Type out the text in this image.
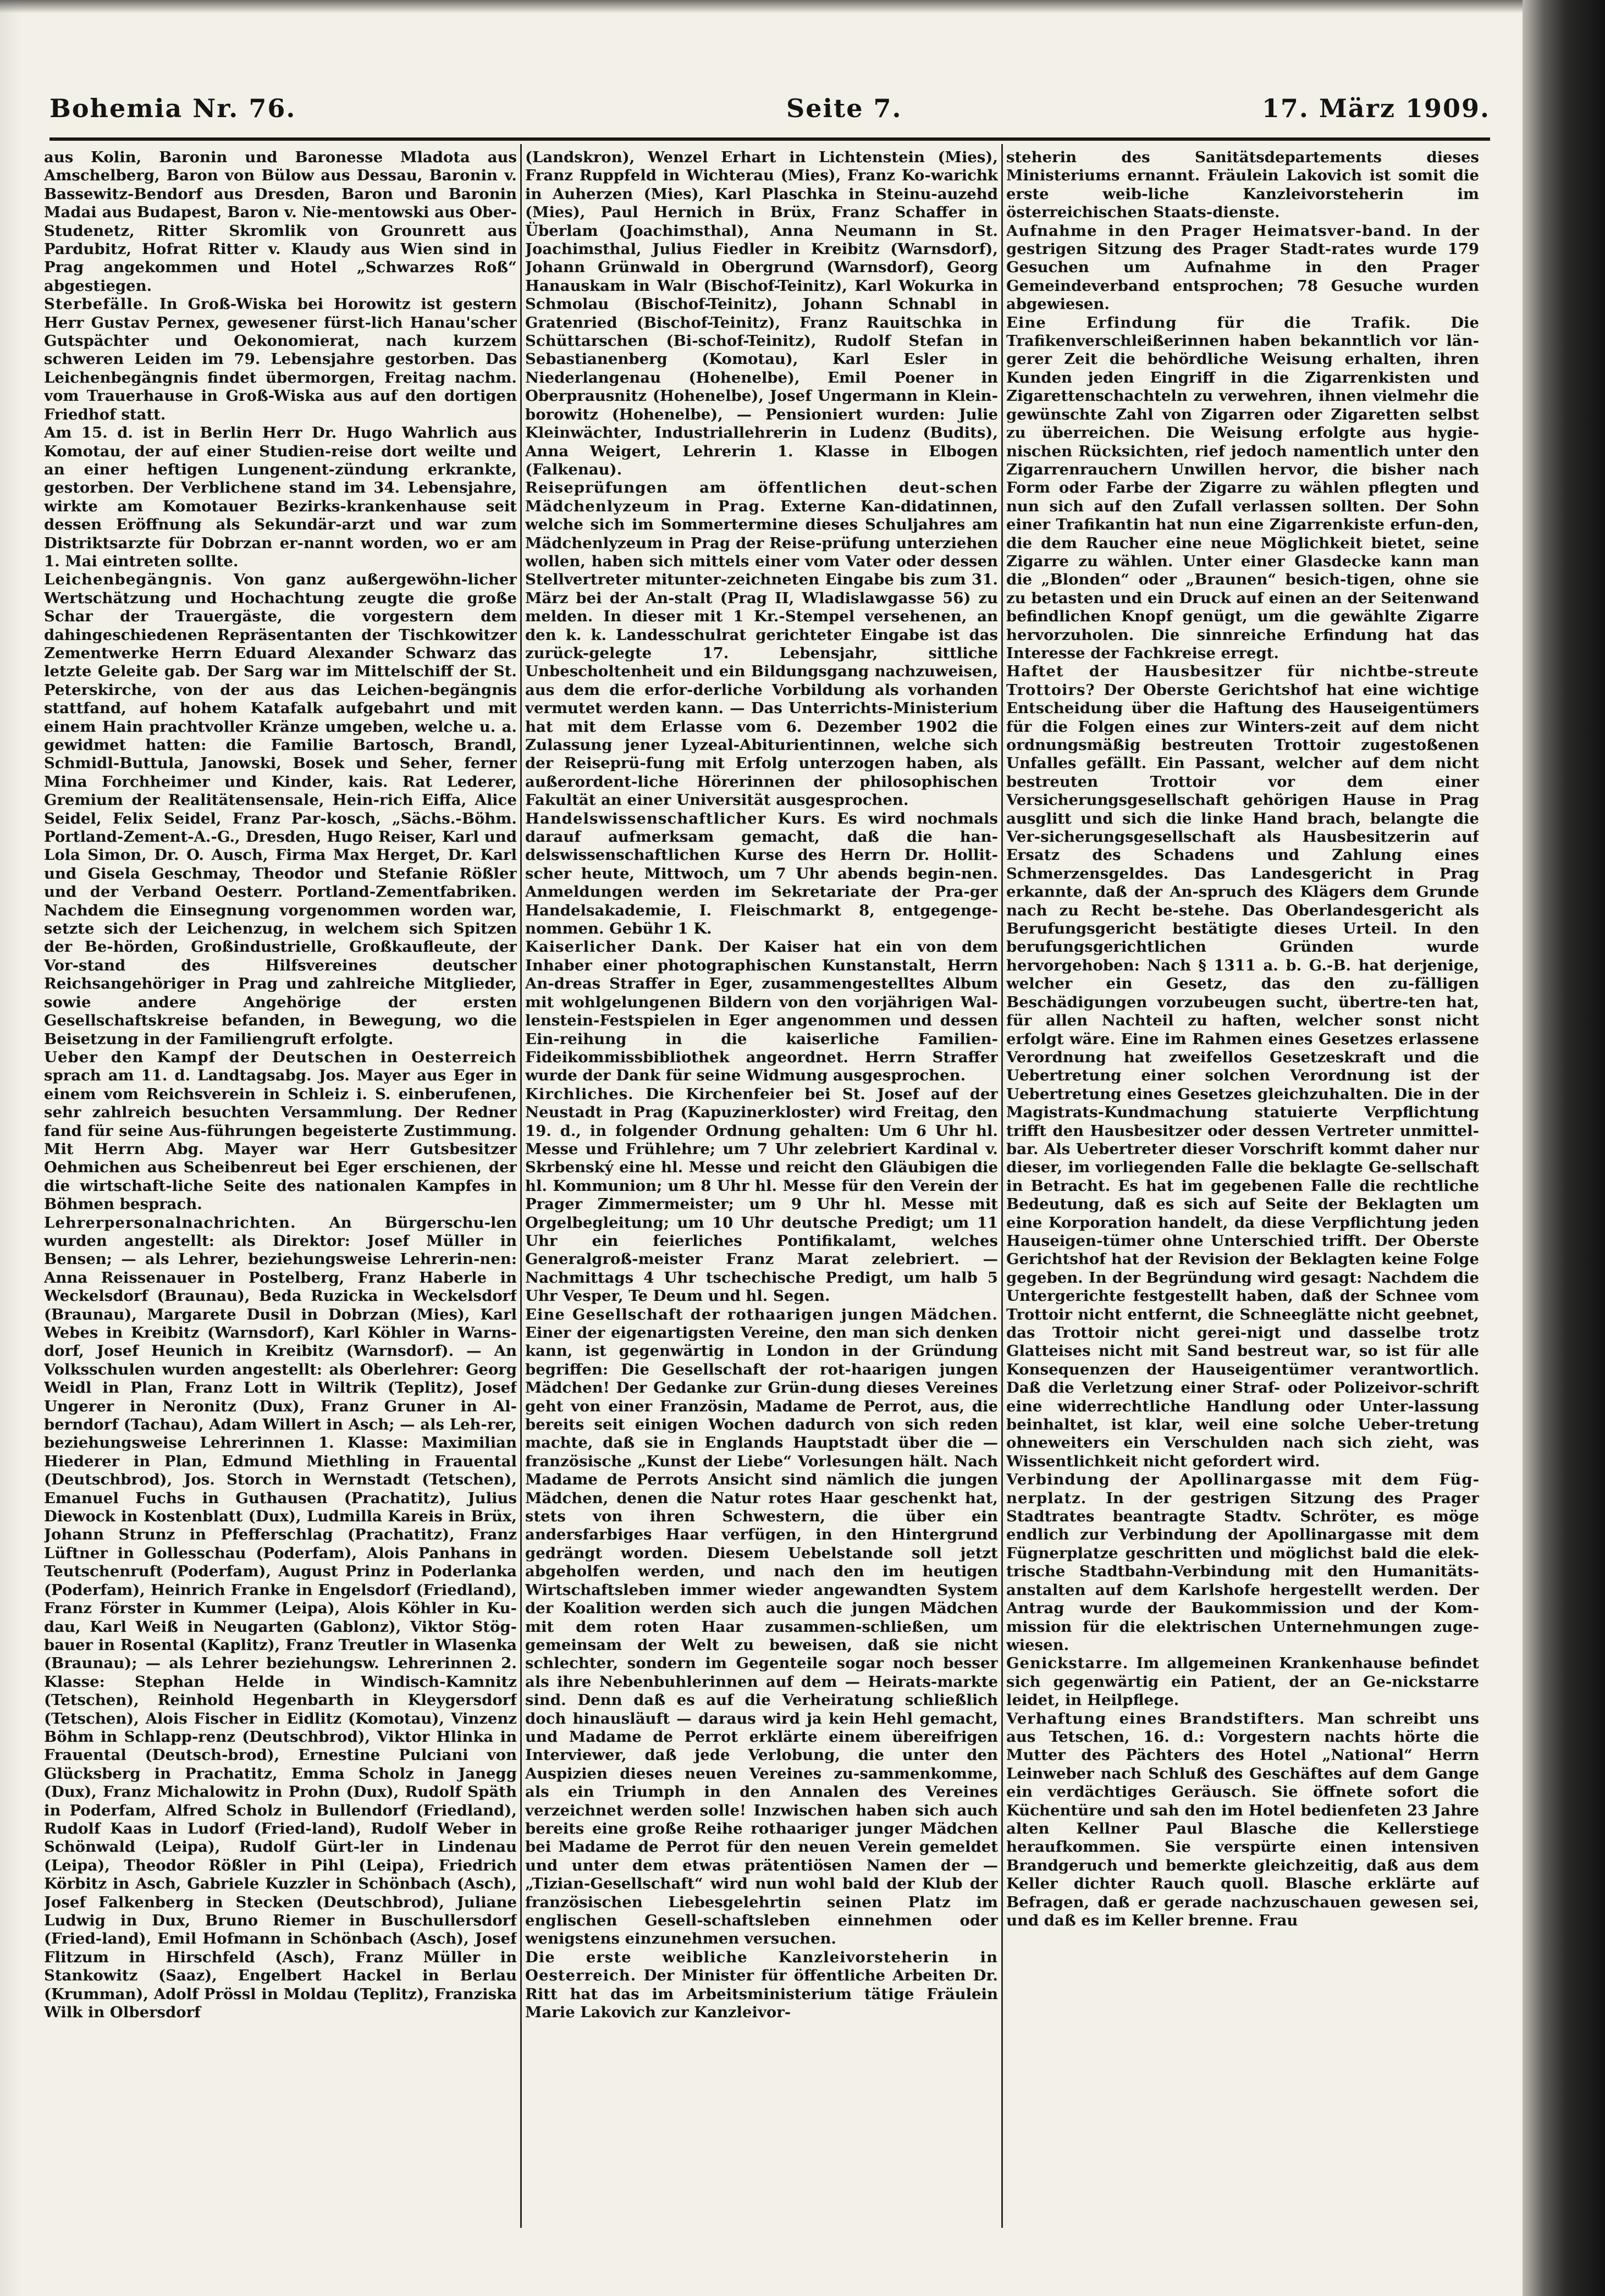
Bohemia Nr. 76.	Seite 7.	17. März 1909.

aus Kolin, Baronin und Baronesse Mladota aus Amschelberg, Baron von Bülow aus Dessau, Baronin v. Bassewitz-Bendorf aus Dresden, Baron und Baronin Madai aus Budapest, Baron v. Nie-mentowski aus Ober-Studenetz, Ritter Skromlik von Grounrett aus Pardubitz, Hofrat Ritter v. Klaudy aus Wien sind in Prag angekommen und Hotel „Schwarzes Roß“ abgestiegen.

Sterbefälle. In Groß-Wiska bei Horowitz ist gestern Herr Gustav Pernex, gewesener fürst-lich Hanau'scher Gutspächter und Oekonomierat, nach kurzem schweren Leiden im 79. Lebensjahre gestorben. Das Leichenbegängnis findet übermorgen, Freitag nachm. vom Trauerhause in Groß-Wiska aus auf den dortigen Friedhof statt.

Am 15. d. ist in Berlin Herr Dr. Hugo Wahrlich aus Komotau, der auf einer Studien-reise dort weilte und an einer heftigen Lungenent-zündung erkrankte, gestorben. Der Verblichene stand im 34. Lebensjahre, wirkte am Komotauer Bezirks-krankenhause seit dessen Eröffnung als Sekundär-arzt und war zum Distriktsarzte für Dobrzan er-nannt worden, wo er am 1. Mai eintreten sollte.

Leichenbegängnis. Von ganz außergewöhn-licher Wertschätzung und Hochachtung zeugte die große Schar der Trauergäste, die vorgestern dem dahingeschiedenen Repräsentanten der Tischkowitzer Zementwerke Herrn Eduard Alexander Schwarz das letzte Geleite gab. Der Sarg war im Mittelschiff der St. Peterskirche, von der aus das Leichen-begängnis stattfand, auf hohem Katafalk aufgebahrt und mit einem Hain prachtvoller Kränze umgeben, welche u. a. gewidmet hatten: die Familie Bartosch, Brandl, Schmidl-Buttula, Janowski, Bosek und Seher, ferner Mina Forchheimer und Kinder, kais. Rat Lederer, Gremium der Realitätensensale, Hein-rich Eiffa, Alice Seidel, Felix Seidel, Franz Par-kosch, „Sächs.-Böhm. Portland-Zement-A.-G., Dresden, Hugo Reiser, Karl und Lola Simon, Dr. O. Ausch, Firma Max Herget, Dr. Karl und Gisela Geschmay, Theodor und Stefanie Rößler und der Verband Oesterr. Portland-Zementfabriken. Nachdem die Einsegnung vorgenommen worden war, setzte sich der Leichenzug, in welchem sich Spitzen der Be-hörden, Großindustrielle, Großkaufleute, der Vor-stand des Hilfsvereines deutscher Reichsangehöriger in Prag und zahlreiche Mitglieder, sowie andere Angehörige der ersten Gesellschaftskreise befanden, in Bewegung, wo die Beisetzung in der Familiengruft erfolgte.

Ueber den Kampf der Deutschen in Oesterreich sprach am 11. d. Landtagsabg. Jos. Mayer aus Eger in einem vom Reichsverein in Schleiz i. S. einberufenen, sehr zahlreich besuchten Versammlung. Der Redner fand für seine Aus-führungen begeisterte Zustimmung. Mit Herrn Abg. Mayer war Herr Gutsbesitzer Oehmichen aus Scheibenreut bei Eger erschienen, der die wirtschaft-liche Seite des nationalen Kampfes in Böhmen besprach.

Lehrerpersonalnachrichten. An Bürgerschu-len wurden angestellt: als Direktor: Josef Müller in Bensen; — als Lehrer, beziehungsweise Lehrerin-nen: Anna Reissenauer in Postelberg, Franz Haberle in Weckelsdorf (Braunau), Beda Ruzicka in Weckelsdorf (Braunau), Margarete Dusil in Dobrzan (Mies), Karl Webes in Kreibitz (Warnsdorf), Karl Köhler in Warns-dorf, Josef Heunich in Kreibitz (Warnsdorf). — An Volksschulen wurden angestellt: als Oberlehrer: Georg Weidl in Plan, Franz Lott in Wiltrik (Teplitz), Josef Ungerer in Neronitz (Dux), Franz Gruner in Al-berndorf (Tachau), Adam Willert in Asch; — als Leh-rer, beziehungsweise Lehrerinnen 1. Klasse: Maximilian Hiederer in Plan, Edmund Miethling in Frauental (Deutschbrod), Jos. Storch in Wernstadt (Tetschen), Emanuel Fuchs in Guthausen (Prachatitz), Julius Diewock in Kostenblatt (Dux), Ludmilla Kareis in Brüx, Johann Strunz in Pfefferschlag (Prachatitz), Franz Lüftner in Gollesschau (Poderfam), Alois Panhans in Teutschenruft (Poderfam), August Prinz in Poderlanka (Poderfam), Heinrich Franke in Engelsdorf (Friedland), Franz Förster in Kummer (Leipa), Alois Köhler in Ku-dau, Karl Weiß in Neugarten (Gablonz), Viktor Stög-bauer in Rosental (Kaplitz), Franz Treutler in Wlasenka (Braunau); — als Lehrer beziehungsw. Lehrerinnen 2. Klasse: Stephan Helde in Windisch-Kamnitz (Tetschen), Reinhold Hegenbarth in Kleygersdorf (Tetschen), Alois Fischer in Eidlitz (Komotau), Vinzenz Böhm in Schlapp-renz (Deutschbrod), Viktor Hlinka in Frauental (Deutsch-brod), Ernestine Pulciani von Glücksberg in Prachatitz, Emma Scholz in Janegg (Dux), Franz Michalowitz in Prohn (Dux), Rudolf Späth in Poderfam, Alfred Scholz in Bullendorf (Friedland), Rudolf Kaas in Ludorf (Fried-land), Rudolf Weber in Schönwald (Leipa), Rudolf Gürt-ler in Lindenau (Leipa), Theodor Rößler in Pihl (Leipa), Friedrich Körbitz in Asch, Gabriele Kuzzler in Schönbach (Asch), Josef Falkenberg in Stecken (Deutschbrod), Juliane Ludwig in Dux, Bruno Riemer in Buschullersdorf (Fried-land), Emil Hofmann in Schönbach (Asch), Josef Flitzum in Hirschfeld (Asch), Franz Müller in Stankowitz (Saaz), Engelbert Hackel in Berlau (Krumman), Adolf Prössl in Moldau (Teplitz), Franziska Wilk in Olbersdorf

(Landskron), Wenzel Erhart in Lichtenstein (Mies), Franz Ruppfeld in Wichterau (Mies), Franz Ko-warichk in Auherzen (Mies), Karl Plaschka in Steinu-auzehd (Mies), Paul Hernich in Brüx, Franz Schaffer in Überlam (Joachimsthal), Anna Neumann in St. Joachimsthal, Julius Fiedler in Kreibitz (Warnsdorf), Johann Grünwald in Obergrund (Warnsdorf), Georg Hanauskam in Walr (Bischof-Teinitz), Karl Wokurka in Schmolau (Bischof-Teinitz), Johann Schnabl in Gratenried (Bischof-Teinitz), Franz Rauitschka in Schüttarschen (Bi-schof-Teinitz), Rudolf Stefan in Sebastianenberg (Komotau), Karl Esler in Niederlangenau (Hohenelbe), Emil Poener in Oberprausnitz (Hohenelbe), Josef Ungermann in Klein-borowitz (Hohenelbe), — Pensioniert wurden: Julie Kleinwächter, Industriallehrerin in Ludenz (Budits), Anna Weigert, Lehrerin 1. Klasse in Elbogen (Falkenau).

Reiseprüfungen am öffentlichen deut-schen Mädchenlyzeum in Prag. Externe Kan-didatinnen, welche sich im Sommertermine dieses Schuljahres am Mädchenlyzeum in Prag der Reise-prüfung unterziehen wollen, haben sich mittels einer vom Vater oder dessen Stellvertreter mitunter-zeichneten Eingabe bis zum 31. März bei der An-stalt (Prag II, Wladislawgasse 56) zu melden. In dieser mit 1 Kr.-Stempel versehenen, an den k. k. Landesschulrat gerichteter Eingabe ist das zurück-gelegte 17. Lebensjahr, sittliche Unbescholtenheit und ein Bildungsgang nachzuweisen, aus dem die erfor-derliche Vorbildung als vorhanden vermutet werden kann. — Das Unterrichts-Ministerium hat mit dem Erlasse vom 6. Dezember 1902 die Zulassung jener Lyzeal-Abiturientinnen, welche sich der Reiseprü-fung mit Erfolg unterzogen haben, als außerordent-liche Hörerinnen der philosophischen Fakultät an einer Universität ausgesprochen.

Handelswissenschaftlicher Kurs. Es wird nochmals darauf aufmerksam gemacht, daß die han-delswissenschaftlichen Kurse des Herrn Dr. Hollit-scher heute, Mittwoch, um 7 Uhr abends begin-nen. Anmeldungen werden im Sekretariate der Pra-ger Handelsakademie, I. Fleischmarkt 8, entgegenge-nommen. Gebühr 1 K.

Kaiserlicher Dank. Der Kaiser hat ein von dem Inhaber einer photographischen Kunstanstalt, Herrn An-dreas Straffer in Eger, zusammengestelltes Album mit wohlgelungenen Bildern von den vorjährigen Wal-lenstein-Festspielen in Eger angenommen und dessen Ein-reihung in die kaiserliche Familien-Fideikommissbibliothek angeordnet. Herrn Straffer wurde der Dank für seine Widmung ausgesprochen.

Kirchliches. Die Kirchenfeier bei St. Josef auf der Neustadt in Prag (Kapuzinerkloster) wird Freitag, den 19. d., in folgender Ordnung gehalten: Um 6 Uhr hl. Messe und Frühlehre; um 7 Uhr zelebriert Kardinal v. Skrbenský eine hl. Messe und reicht den Gläubigen die hl. Kommunion; um 8 Uhr hl. Messe für den Verein der Prager Zimmermeister; um 9 Uhr hl. Messe mit Orgelbegleitung; um 10 Uhr deutsche Predigt; um 11 Uhr ein feierliches Pontifikalamt, welches Generalgroß-meister Franz Marat zelebriert. — Nachmittags 4 Uhr tschechische Predigt, um halb 5 Uhr Vesper, Te Deum und hl. Segen.

Eine Gesellschaft der rothaarigen jungen Mädchen. Einer der eigenartigsten Vereine, den man sich denken kann, ist gegenwärtig in London in der Gründung begriffen: Die Gesellschaft der rot-haarigen jungen Mädchen! Der Gedanke zur Grün-dung dieses Vereines geht von einer Französin, Madame de Perrot, aus, die bereits seit einigen Wochen dadurch von sich reden machte, daß sie in Englands Hauptstadt über die — französische „Kunst der Liebe“ Vorlesungen hält. Nach Madame de Perrots Ansicht sind nämlich die jungen Mädchen, denen die Natur rotes Haar geschenkt hat, stets von ihren Schwestern, die über ein andersfarbiges Haar verfügen, in den Hintergrund gedrängt worden. Diesem Uebelstande soll jetzt abgeholfen werden, und nach den im heutigen Wirtschaftsleben immer wieder angewandten System der Koalition werden sich auch die jungen Mädchen mit dem roten Haar zusammen-schließen, um gemeinsam der Welt zu beweisen, daß sie nicht schlechter, sondern im Gegenteile sogar noch besser als ihre Nebenbuhlerinnen auf dem — Heirats-markte sind. Denn daß es auf die Verheiratung schließlich doch hinausläuft — daraus wird ja kein Hehl gemacht, und Madame de Perrot erklärte einem übereifrigen Interviewer, daß jede Verlobung, die unter den Auspizien dieses neuen Vereines zu-sammenkomme, als ein Triumph in den Annalen des Vereines verzeichnet werden solle! Inzwischen haben sich auch bereits eine große Reihe rothaariger junger Mädchen bei Madame de Perrot für den neuen Verein gemeldet und unter dem etwas prätentiösen Namen der — „Tizian-Gesellschaft“ wird nun wohl bald der Klub der französischen Liebesgelehrtin seinen Platz im englischen Gesell-schaftsleben einnehmen oder wenigstens einzunehmen versuchen.

Die erste weibliche Kanzleivorsteherin in Oesterreich. Der Minister für öffentliche Arbeiten Dr. Ritt hat das im Arbeitsministerium tätige Fräulein Marie Lakovich zur Kanzleivor-

steherin des Sanitätsdepartements dieses Ministeriums ernannt. Fräulein Lakovich ist somit die erste weib-liche Kanzleivorsteherin im österreichischen Staats-dienste.

Aufnahme in den Prager Heimatsver-band. In der gestrigen Sitzung des Prager Stadt-rates wurde 179 Gesuchen um Aufnahme in den Prager Gemeindeverband entsprochen; 78 Gesuche wurden abgewiesen.

Eine Erfindung für die Trafik.	Die Trafikenverschleißerinnen haben bekanntlich vor län-gerer Zeit die behördliche Weisung erhalten, ihren Kunden jeden Eingriff in die Zigarrenkisten und Zigarettenschachteln zu verwehren, ihnen vielmehr die gewünschte Zahl von Zigarren oder Zigaretten selbst zu überreichen. Die Weisung erfolgte aus hygie-nischen Rücksichten, rief jedoch namentlich unter den Zigarrenrauchern Unwillen hervor, die bisher nach Form oder Farbe der Zigarre zu wählen pflegten und nun sich auf den Zufall verlassen sollten. Der Sohn einer Trafikantin hat nun eine Zigarrenkiste erfun-den, die dem Raucher eine neue Möglichkeit bietet, seine Zigarre zu wählen. Unter einer Glasdecke kann man die „Blonden“ oder „Braunen“ besich-tigen, ohne sie zu betasten und ein Druck auf einen an der Seitenwand befindlichen Knopf genügt, um die gewählte Zigarre hervorzuholen. Die sinnreiche Erfindung hat das Interesse der Fachkreise erregt.

Haftet der Hausbesitzer für nichtbe-streute Trottoirs? Der Oberste Gerichtshof hat eine wichtige Entscheidung über die Haftung des Hauseigentümers für die Folgen eines zur Winters-zeit auf dem nicht ordnungsmäßig bestreuten Trottoir zugestoßenen Unfalles gefällt. Ein Passant, welcher auf dem nicht bestreuten Trottoir vor dem einer Versicherungsgesellschaft gehörigen Hause in Prag ausglitt und sich die linke Hand brach, belangte die Ver-sicherungsgesellschaft als Hausbesitzerin auf Ersatz des Schadens und Zahlung eines Schmerzensgeldes. Das Landesgericht in Prag erkannte, daß der An-spruch des Klägers dem Grunde nach zu Recht be-stehe. Das Oberlandesgericht als Berufungsgericht bestätigte dieses Urteil. In den berufungsgerichtlichen Gründen wurde hervorgehoben: Nach § 1311 a. b. G.-B. hat derjenige, welcher ein Gesetz, das den zu-fälligen Beschädigungen vorzubeugen sucht, übertre-ten hat, für allen Nachteil zu haften, welcher sonst nicht erfolgt wäre. Eine im Rahmen eines Gesetzes erlassene Verordnung hat zweifellos Gesetzeskraft und die Uebertretung einer solchen Verordnung ist der Uebertretung eines Gesetzes gleichzuhalten. Die in der Magistrats-Kundmachung statuierte Verpflichtung trifft den Hausbesitzer oder dessen Vertreter unmittel-bar. Als Uebertreter dieser Vorschrift kommt daher nur dieser, im vorliegenden Falle die beklagte Ge-sellschaft in Betracht. Es hat im gegebenen Falle die rechtliche Bedeutung, daß es sich auf Seite der Beklagten um eine Korporation handelt, da diese Verpflichtung jeden Hauseigen-tümer ohne Unterschied trifft. Der Oberste Gerichtshof hat der Revision der Beklagten keine Folge gegeben. In der Begründung wird gesagt: Nachdem die Untergerichte festgestellt haben, daß der Schnee vom Trottoir nicht entfernt, die Schneeglätte nicht geebnet, das Trottoir nicht gerei-nigt und dasselbe trotz Glatteises nicht mit Sand bestreut war, so ist für alle Konsequenzen der Hauseigentümer verantwortlich. Daß die Verletzung einer Straf- oder Polizeivor-schrift eine widerrechtliche Handlung oder Unter-lassung beinhaltet, ist klar, weil eine solche Ueber-tretung ohneweiters ein Verschulden nach sich zieht, was Wissentlichkeit nicht gefordert wird.

Verbindung der Apollinargasse mit dem Fügnerplatz. In der gestrigen Sitzung des Prager Stadtrates beantragte Stadtv. Schröter, es möge endlich zur Verbindung der Apollinargasse mit dem Fügnerplatze geschritten und möglichst bald die elek-trische Stadtbahn-Verbindung mit den Humanitäts-anstalten auf dem Karlshofe hergestellt werden. Der Antrag wurde der Baukommission und der Kom-mission für die elektrischen Unternehmungen zuge-wiesen.

Genickstarre. Im allgemeinen Krankenhause befindet sich gegenwärtig ein Patient, der an Ge-nickstarre leidet, in Heilpflege.

Verhaftung eines Brandstifters. Man schreibt uns aus Tetschen, 16. d.: Vorgestern nachts hörte die Mutter des Pächters des Hotel „National“ Herrn Leinweber nach Schluß des Geschäftes auf dem Gange ein verdächtiges Geräusch. Sie öffnete sofort die Küchentüre und sah den im Hotel bedienfeten 23 Jahre alten Kellner Paul Blasche die Kellerstiege heraufkommen. Sie verspürte einen intensiven Brandgeruch und bemerkte gleichzeitig, daß aus dem Keller dichter Rauch quoll. Blasche erklärte auf Befragen, daß er gerade nachzuschauen gewesen sei, und daß es im Keller brenne. Frau
